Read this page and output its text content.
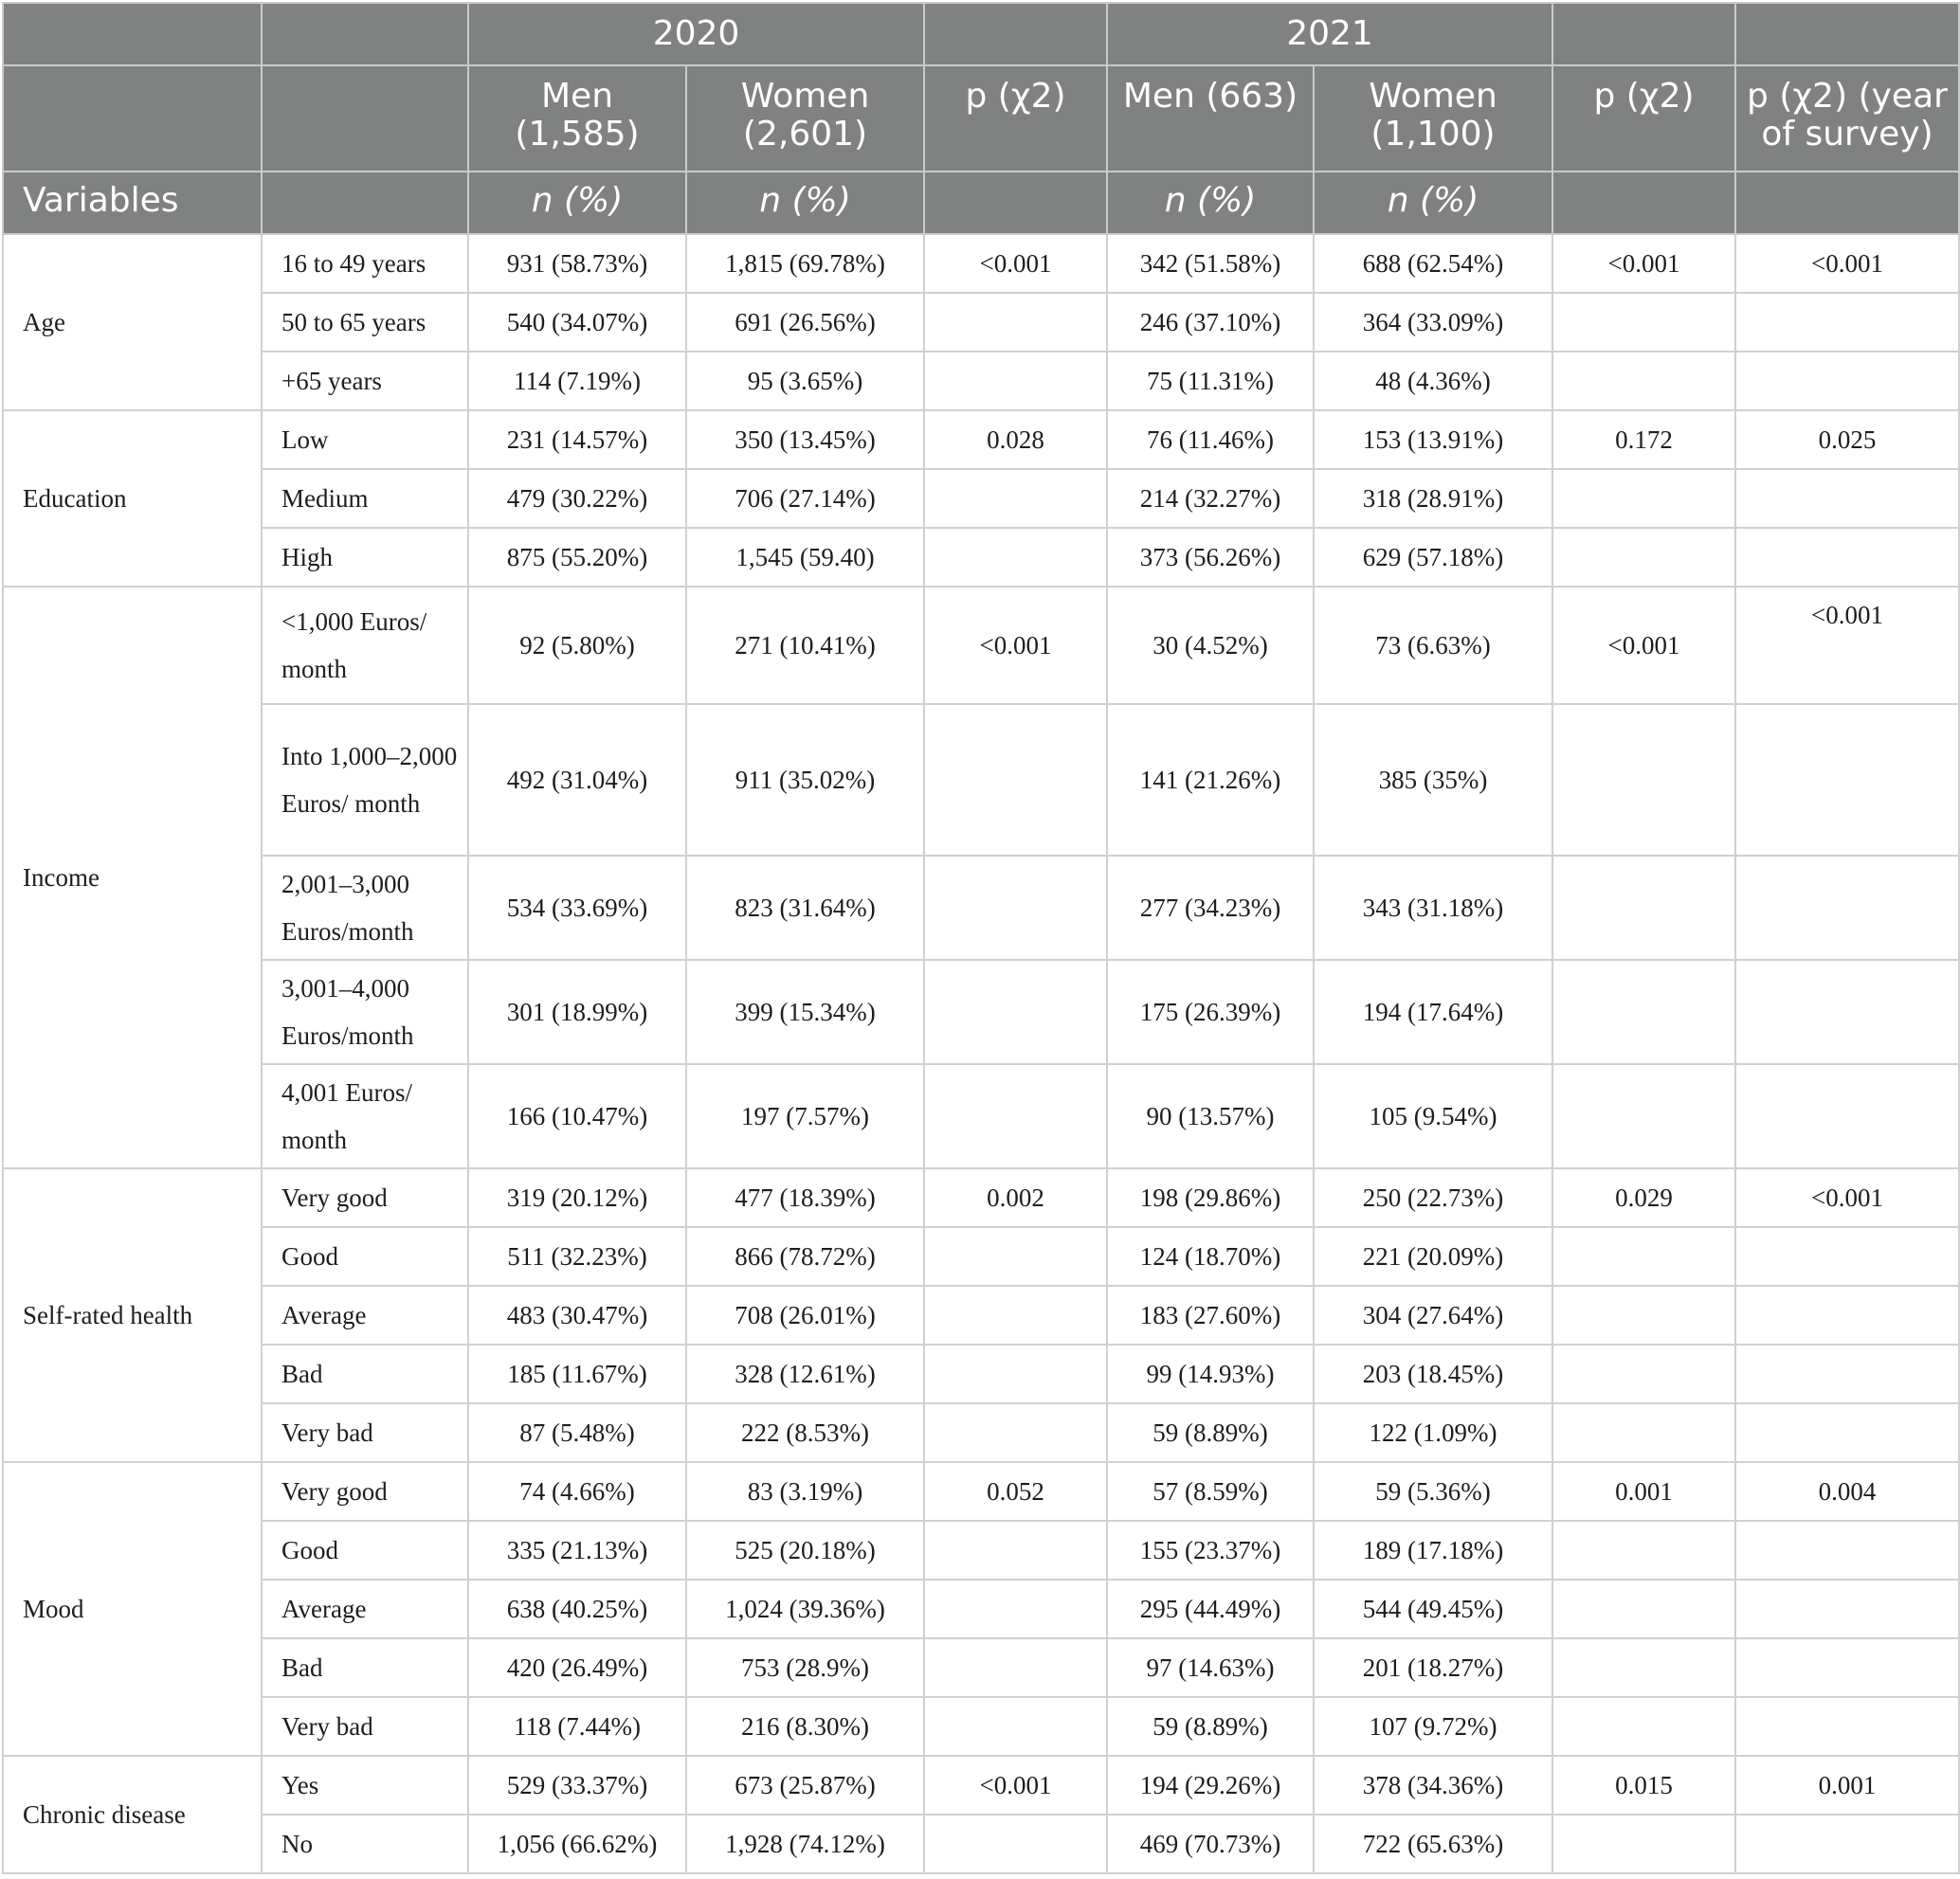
		2020			2021			
		Men (1,585)	Women (2,601)	p (χ2)	Men (663)	Women (1,100)	p (χ2)	p (χ2) (year of survey)
Variables		n (%)	n (%)		n (%)	n (%)		
Age	16 to 49 years	931 (58.73%)	1,815 (69.78%)	<0.001	342 (51.58%)	688 (62.54%)	<0.001	<0.001
	50 to 65 years	540 (34.07%)	691 (26.56%)		246 (37.10%)	364 (33.09%)		
	+65 years	114 (7.19%)	95 (3.65%)		75 (11.31%)	48 (4.36%)		
Education	Low	231 (14.57%)	350 (13.45%)	0.028	76 (11.46%)	153 (13.91%)	0.172	0.025
	Medium	479 (30.22%)	706 (27.14%)		214 (32.27%)	318 (28.91%)		
	High	875 (55.20%)	1,545 (59.40)		373 (56.26%)	629 (57.18%)		
Income	<1,000 Euros/ month	92 (5.80%)	271 (10.41%)	<0.001	30 (4.52%)	73 (6.63%)	<0.001	<0.001
	Into 1,000–2,000 Euros/ month	492 (31.04%)	911 (35.02%)		141 (21.26%)	385 (35%)		
	2,001–3,000 Euros/month	534 (33.69%)	823 (31.64%)		277 (34.23%)	343 (31.18%)		
	3,001–4,000 Euros/month	301 (18.99%)	399 (15.34%)		175 (26.39%)	194 (17.64%)		
	4,001 Euros/ month	166 (10.47%)	197 (7.57%)		90 (13.57%)	105 (9.54%)		
Self-rated health	Very good	319 (20.12%)	477 (18.39%)	0.002	198 (29.86%)	250 (22.73%)	0.029	<0.001
	Good	511 (32.23%)	866 (78.72%)		124 (18.70%)	221 (20.09%)		
	Average	483 (30.47%)	708 (26.01%)		183 (27.60%)	304 (27.64%)		
	Bad	185 (11.67%)	328 (12.61%)		99 (14.93%)	203 (18.45%)		
	Very bad	87 (5.48%)	222 (8.53%)		59 (8.89%)	122 (1.09%)		
Mood	Very good	74 (4.66%)	83 (3.19%)	0.052	57 (8.59%)	59 (5.36%)	0.001	0.004
	Good	335 (21.13%)	525 (20.18%)		155 (23.37%)	189 (17.18%)		
	Average	638 (40.25%)	1,024 (39.36%)		295 (44.49%)	544 (49.45%)		
	Bad	420 (26.49%)	753 (28.9%)		97 (14.63%)	201 (18.27%)		
	Very bad	118 (7.44%)	216 (8.30%)		59 (8.89%)	107 (9.72%)		
Chronic disease	Yes	529 (33.37%)	673 (25.87%)	<0.001	194 (29.26%)	378 (34.36%)	0.015	0.001
	No	1,056 (66.62%)	1,928 (74.12%)		469 (70.73%)	722 (65.63%)		
